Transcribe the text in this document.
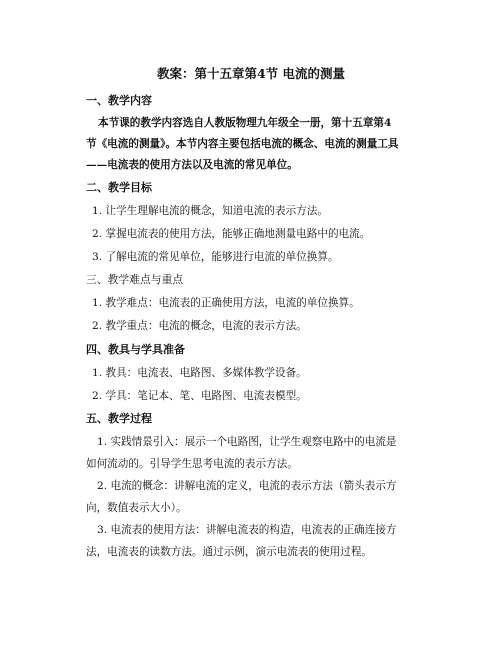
教案：第十五章第4节 电流的测量
一、教学内容
本节课的教学内容选自人教版物理九年级全一册，第十五章第4
节《电流的测量》。本节内容主要包括电流的概念、电流的测量工具
——电流表的使用方法以及电流的常见单位。
二、教学目标
1. 让学生理解电流的概念，知道电流的表示方法。
2. 掌握电流表的使用方法，能够正确地测量电路中的电流。
3. 了解电流的常见单位，能够进行电流的单位换算。
三、教学难点与重点
1. 教学难点：电流表的正确使用方法，电流的单位换算。
2. 教学重点：电流的概念，电流的表示方法。
四、教具与学具准备
1. 教具：电流表、电路图、多媒体教学设备。
2. 学具：笔记本、笔、电路图、电流表模型。
五、教学过程
1. 实践情景引入：展示一个电路图，让学生观察电路中的电流是
如何流动的。引导学生思考电流的表示方法。
2. 电流的概念：讲解电流的定义，电流的表示方法（箭头表示方
向，数值表示大小）。
3. 电流表的使用方法：讲解电流表的构造，电流表的正确连接方
法，电流表的读数方法。通过示例，演示电流表的使用过程。
